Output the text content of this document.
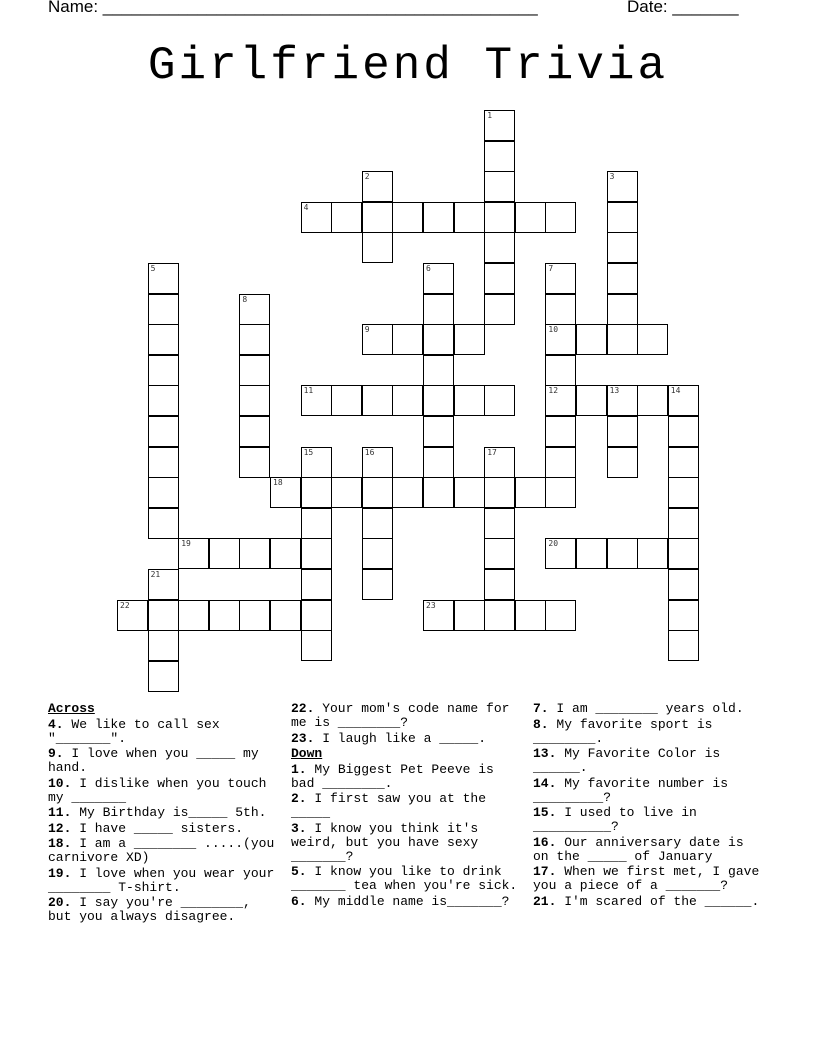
Name: ______________________________________________	Date: _______
Girlfriend Trivia
1
2	3
4
5	6	7
10
12
8
9
11	13	14
15	16	17
18
19	20
21
22	23
Across
4. We like to call sex "_______".
9. I love when you _____ my hand.
10. I dislike when you touch my _______
11. My Birthday is_____ 5th.
12. I have _____ sisters.
18. I am a ________ .....(you carnivore XD)
19. I love when you wear your ________ T-shirt.
20. I say you're ________, but you always disagree.
22. Your mom's code name for me is ________?
23. I laugh like a _____.
Down
1. My Biggest Pet Peeve is bad ________.
2. I first saw you at the _____
3. I know you think it's weird, but you have sexy _______?
5. I know you like to drink _______ tea when you're sick.
6. My middle name is_______?
7. I am ________ years old.
8. My favorite sport is ________.
13. My Favorite Color is ______.
14. My favorite number is _________?
15. I used to live in __________?
16. Our anniversary date is on the _____ of January
17. When we first met, I gave you a piece of a _______?
21. I'm scared of the ______.
